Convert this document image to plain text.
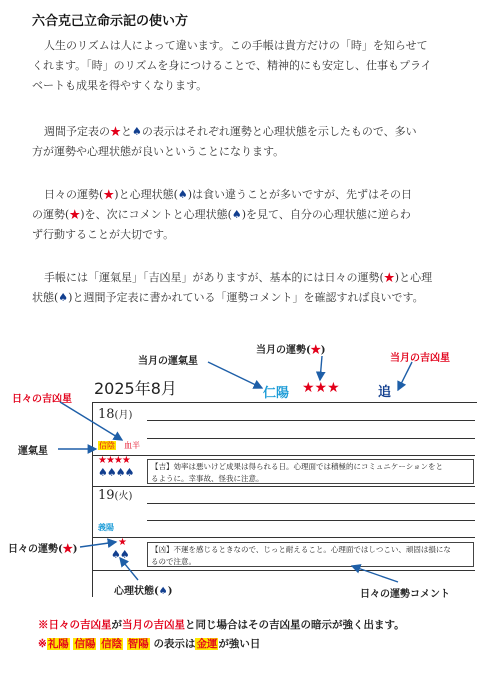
六合克己立命示記の使い方
人生のリズムは人によって違います。この手帳は貴方だけの「時」を知らせて
くれます。「時」のリズムを身につけることで、精神的にも安定し、仕事もプライ
ベートも成果を得やすくなります。
週間予定表の★と♠の表示はそれぞれ運勢と心理状態を示したもので、多い
方が運勢や心理状態が良いということになります。
日々の運勢(★)と心理状態(♠)は食い違うことが多いですが、先ずはその日
の運勢(★)を、次にコメントと心理状態(♠)を見て、自分の心理状態に逆らわ
ず行動することが大切です。
手帳には「運氣星」「吉凶星」がありますが、基本的には日々の運勢(★)と心理
状態(♠)と週間予定表に書かれている「運勢コメント」を確認すれば良いです。
当月の運氣星
当月の運勢(★)
当月の吉凶星
2025年8月	仁陽 ★★★	追
日々の吉凶星
運氣星
日々の運勢(★)
心理状態(♠)	日々の運勢コメント
18(月)
信陰 血半
★★★★
♠♠♠♠ 【吉】効率は悪いけど成果は得られる日。心理面では積極的にコミュニケーションをと
るように。幸事故、怪我に注意。
19(火)
義陽
★
♠♠	【凶】不運を感じるときなので、じっと耐えること。心理面ではしつこい、頑固は損にな
るので注意。
※日々の吉凶星が当月の吉凶星と同じ場合はその吉凶星の暗示が強く出ます。
※礼陽 信陽 信陰 智陽 の表示は金運が強い日
